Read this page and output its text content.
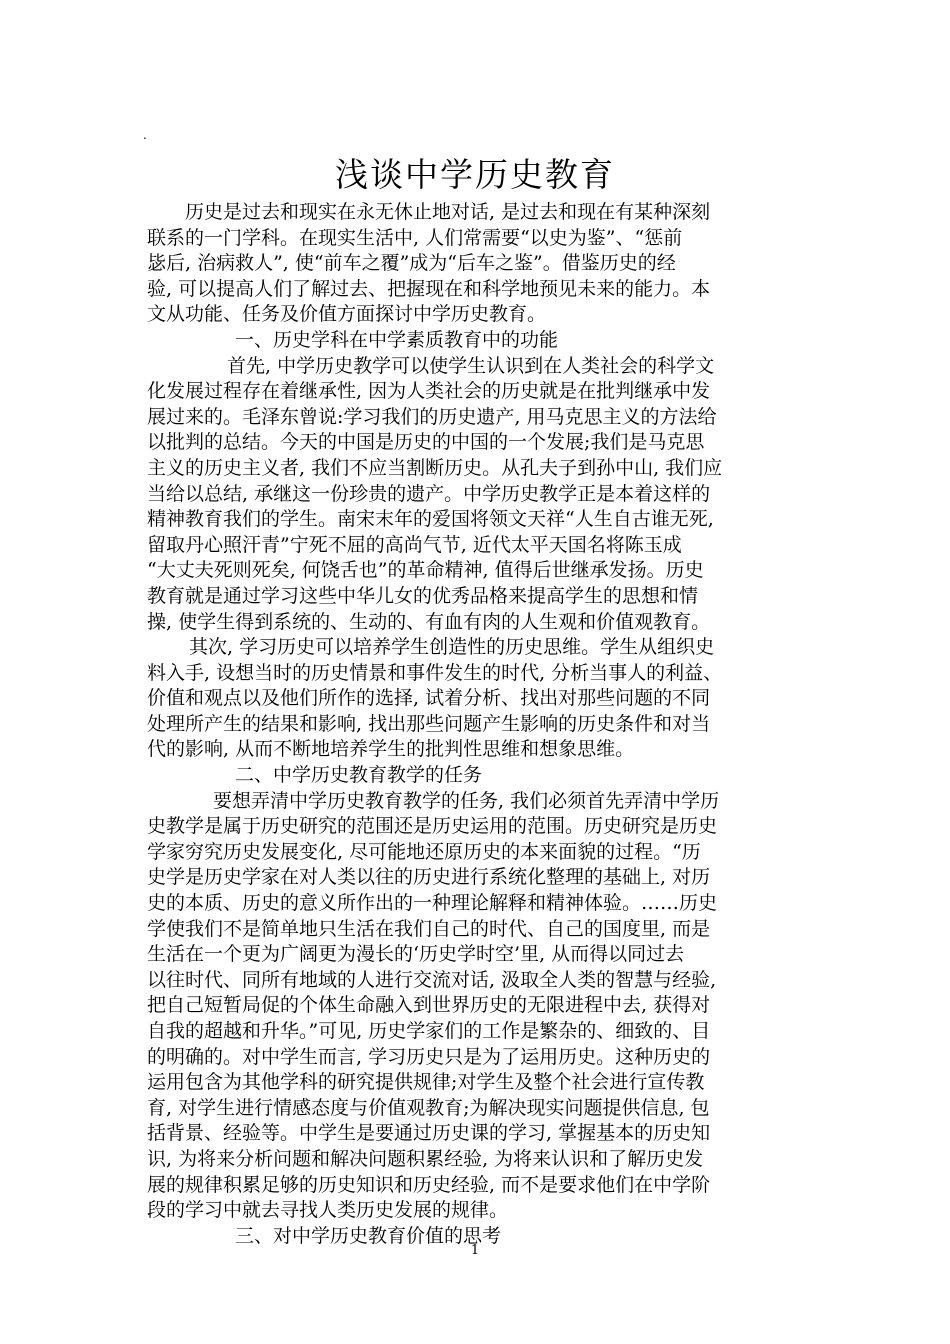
.
浅谈中学历史教育
历史是过去和现实在永无休止地对话, 是过去和现在有某种深刻
联系的一门学科。在现实生活中, 人们常需要“以史为鉴”、“惩前
毖后, 治病救人”, 使“前车之覆”成为“后车之鉴”。借鉴历史的经
验, 可以提高人们了解过去、把握现在和科学地预见未来的能力。本
文从功能、任务及价值方面探讨中学历史教育。
一、历史学科在中学素质教育中的功能
首先, 中学历史教学可以使学生认识到在人类社会的科学文
化发展过程存在着继承性, 因为人类社会的历史就是在批判继承中发
展过来的。毛泽东曾说:学习我们的历史遗产, 用马克思主义的方法给
以批判的总结。今天的中国是历史的中国的一个发展;我们是马克思
主义的历史主义者, 我们不应当割断历史。从孔夫子到孙中山, 我们应
当给以总结, 承继这一份珍贵的遗产。中学历史教学正是本着这样的
精神教育我们的学生。南宋末年的爱国将领文天祥“人生自古谁无死,
留取丹心照汗青”宁死不屈的高尚气节, 近代太平天国名将陈玉成
“大丈夫死则死矣, 何饶舌也”的革命精神, 值得后世继承发扬。历史
教育就是通过学习这些中华儿女的优秀品格来提高学生的思想和情
操, 使学生得到系统的、生动的、有血有肉的人生观和价值观教育。
其次, 学习历史可以培养学生创造性的历史思维。学生从组织史
料入手, 设想当时的历史情景和事件发生的时代, 分析当事人的利益、
价值和观点以及他们所作的选择, 试着分析、找出对那些问题的不同
处理所产生的结果和影响, 找出那些问题产生影响的历史条件和对当
代的影响, 从而不断地培养学生的批判性思维和想象思维。
二、中学历史教育教学的任务
要想弄清中学历史教育教学的任务, 我们必须首先弄清中学历
史教学是属于历史研究的范围还是历史运用的范围。历史研究是历史
学家穷究历史发展变化, 尽可能地还原历史的本来面貌的过程。“历
史学是历史学家在对人类以往的历史进行系统化整理的基础上, 对历
史的本质、历史的意义所作出的一种理论解释和精神体验。……历史
学使我们不是简单地只生活在我们自己的时代、自己的国度里, 而是
生活在一个更为广阔更为漫长的‘历史学时空’里, 从而得以同过去
以往时代、同所有地域的人进行交流对话, 汲取全人类的智慧与经验,
把自己短暂局促的个体生命融入到世界历史的无限进程中去, 获得对
自我的超越和升华。”可见, 历史学家们的工作是繁杂的、细致的、目
的明确的。对中学生而言, 学习历史只是为了运用历史。这种历史的
运用包含为其他学科的研究提供规律;对学生及整个社会进行宣传教
育, 对学生进行情感态度与价值观教育;为解决现实问题提供信息, 包
括背景、经验等。中学生是要通过历史课的学习, 掌握基本的历史知
识, 为将来分析问题和解决问题积累经验, 为将来认识和了解历史发
展的规律积累足够的历史知识和历史经验, 而不是要求他们在中学阶
段的学习中就去寻找人类历史发展的规律。
三、对中学历史教育价值的思考
1
